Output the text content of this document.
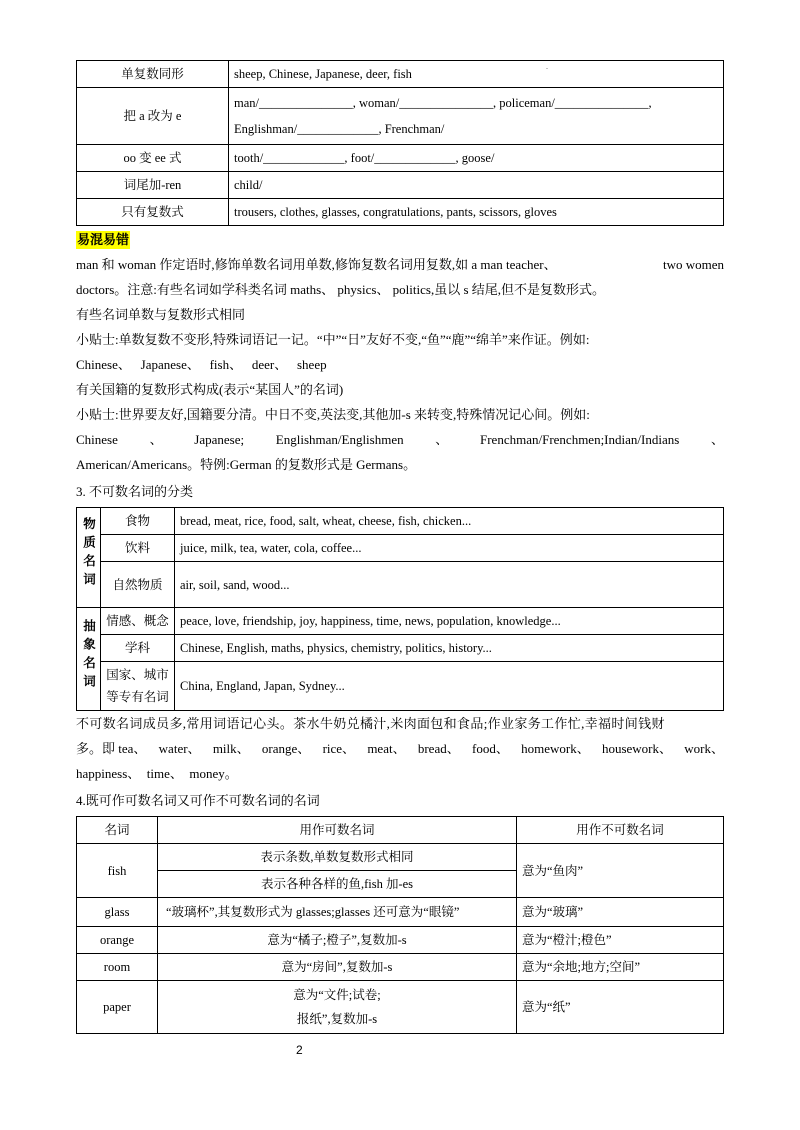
.
单复数同形	sheep, Chinese, Japanese, deer, fish
把 a 改为 e	man/_______________, woman/_______________, policeman/_______________,
Englishman/_____________, Frenchman/

oo 变 ee 式	tooth/_____________, foot/_____________, goose/
词尾加-ren	child/
只有复数式	trousers, clothes, glasses, congratulations, pants, scissors, gloves
易混易错
man 和 woman 作定语时,修饰单数名词用单数,修饰复数名词用复数,如 a man teacher、	two women
doctors。注意:有些名词如学科类名词 maths、 physics、 politics,虽以 s 结尾,但不是复数形式。
有些名词单数与复数形式相同
小贴士:单数复数不变形,特殊词语记一记。“中”“日”友好不变,“鱼”“鹿”“绵羊”来作证。例如:
Chinese、 Japanese、 fish、 deer、 sheep
有关国籍的复数形式构成(表示“某国人”的名词)
小贴士:世界要友好,国籍要分清。中日不变,英法变,其他加-s 来转变,特殊情况记心间。例如:
Chinese 、 Japanese; Englishman/Englishmen 、 Frenchman/Frenchmen;Indian/Indians 、
American/Americans。特例:German 的复数形式是 Germans。
3. 不可数名词的分类
物质名词	食物	bread, meat, rice, food, salt, wheat, cheese, fish, chicken...
	饮料	juice, milk, tea, water, cola, coffee...
	自然物质	air, soil, sand, wood...
抽象名词	情感、概念	peace, love, friendship, joy, happiness, time, news, population, knowledge...
	学科	Chinese, English, maths, physics, chemistry, politics, history...
	国家、城市等专有名词	China, England, Japan, Sydney...
不可数名词成员多,常用词语记心头。茶水牛奶兑橘汁,米肉面包和食品;作业家务工作忙,幸福时间钱财
多。即 tea、 water、 milk、 orange、 rice、 meat、 bread、 food、 homework、 housework、 work、
happiness、  time、  money。
4.既可作可数名词又可作不可数名词的名词
名词	用作可数名词	用作不可数名词
fish	表示条数,单数复数形式相同	意为“鱼肉”
	表示各种各样的鱼,fish 加-es	
glass	“玻璃杯”,其复数形式为 glasses;glasses 还可意为“眼镜”	意为“玻璃”
orange	意为“橘子;橙子”,复数加-s	意为“橙汁;橙色”
room	意为“房间”,复数加-s	意为“余地;地方;空间”
paper	意为“文件;试卷;
报纸”,复数加-s	意为“纸”
2
